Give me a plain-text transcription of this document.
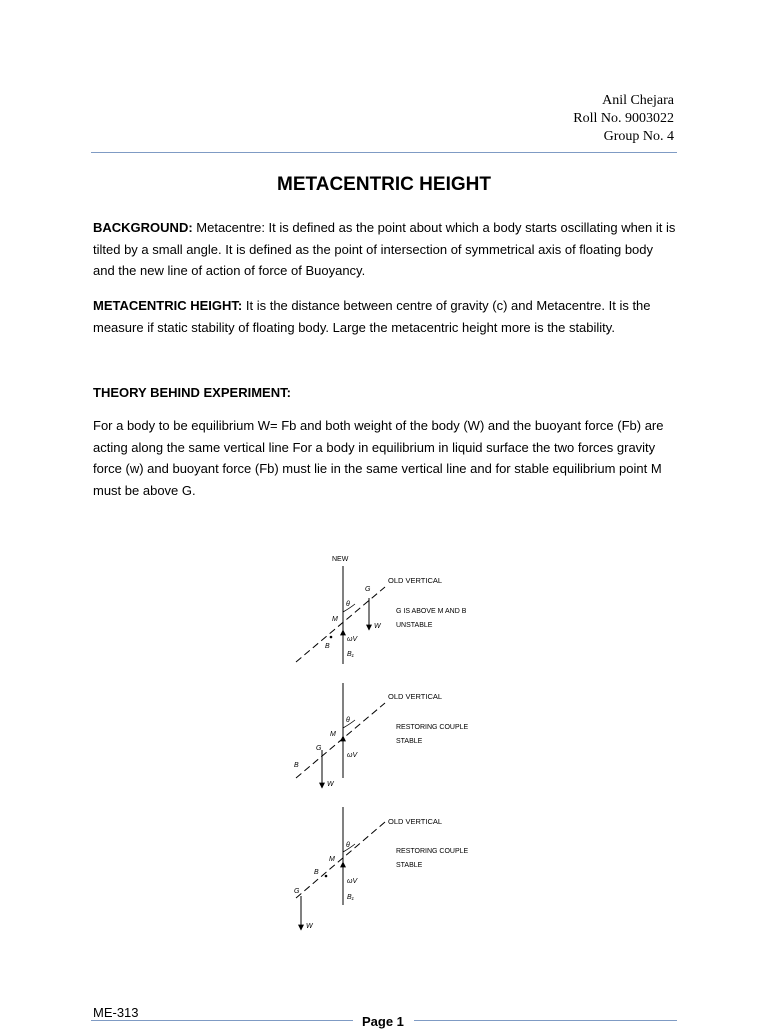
Anil Chejara
Roll No. 9003022
Group No. 4
METACENTRIC HEIGHT
BACKGROUND: Metacentre: It is defined as the point about which a body starts oscillating when it is tilted by a small angle. It is defined as the point of intersection of symmetrical axis of floating body and the new line of action of force of Buoyancy.
METACENTRIC HEIGHT: It is the distance between centre of gravity (c) and Metacentre. It is the measure if static stability of floating body. Large the metacentric height more is the stability.
THEORY BEHIND EXPERIMENT:
For a body to be equilibrium W= Fb and both weight of the body (W) and the buoyant force (Fb) are acting along the same vertical line For a body in equilibrium in liquid surface the two forces gravity force (w) and buoyant force (Fb) must lie in the same vertical line and for stable equilibrium point M must be above G.
NEW
OLD VERTICAL
G
θ
M
B
W
ωV
B₁
G IS ABOVE M AND B
UNSTABLE
OLD VERTICAL
θ
M
G
B
W
ωV
RESTORING COUPLE
STABLE
OLD VERTICAL
θ
M
B
G
W
ωV
B₁
RESTORING COUPLE
STABLE
ME-313
Page 1
